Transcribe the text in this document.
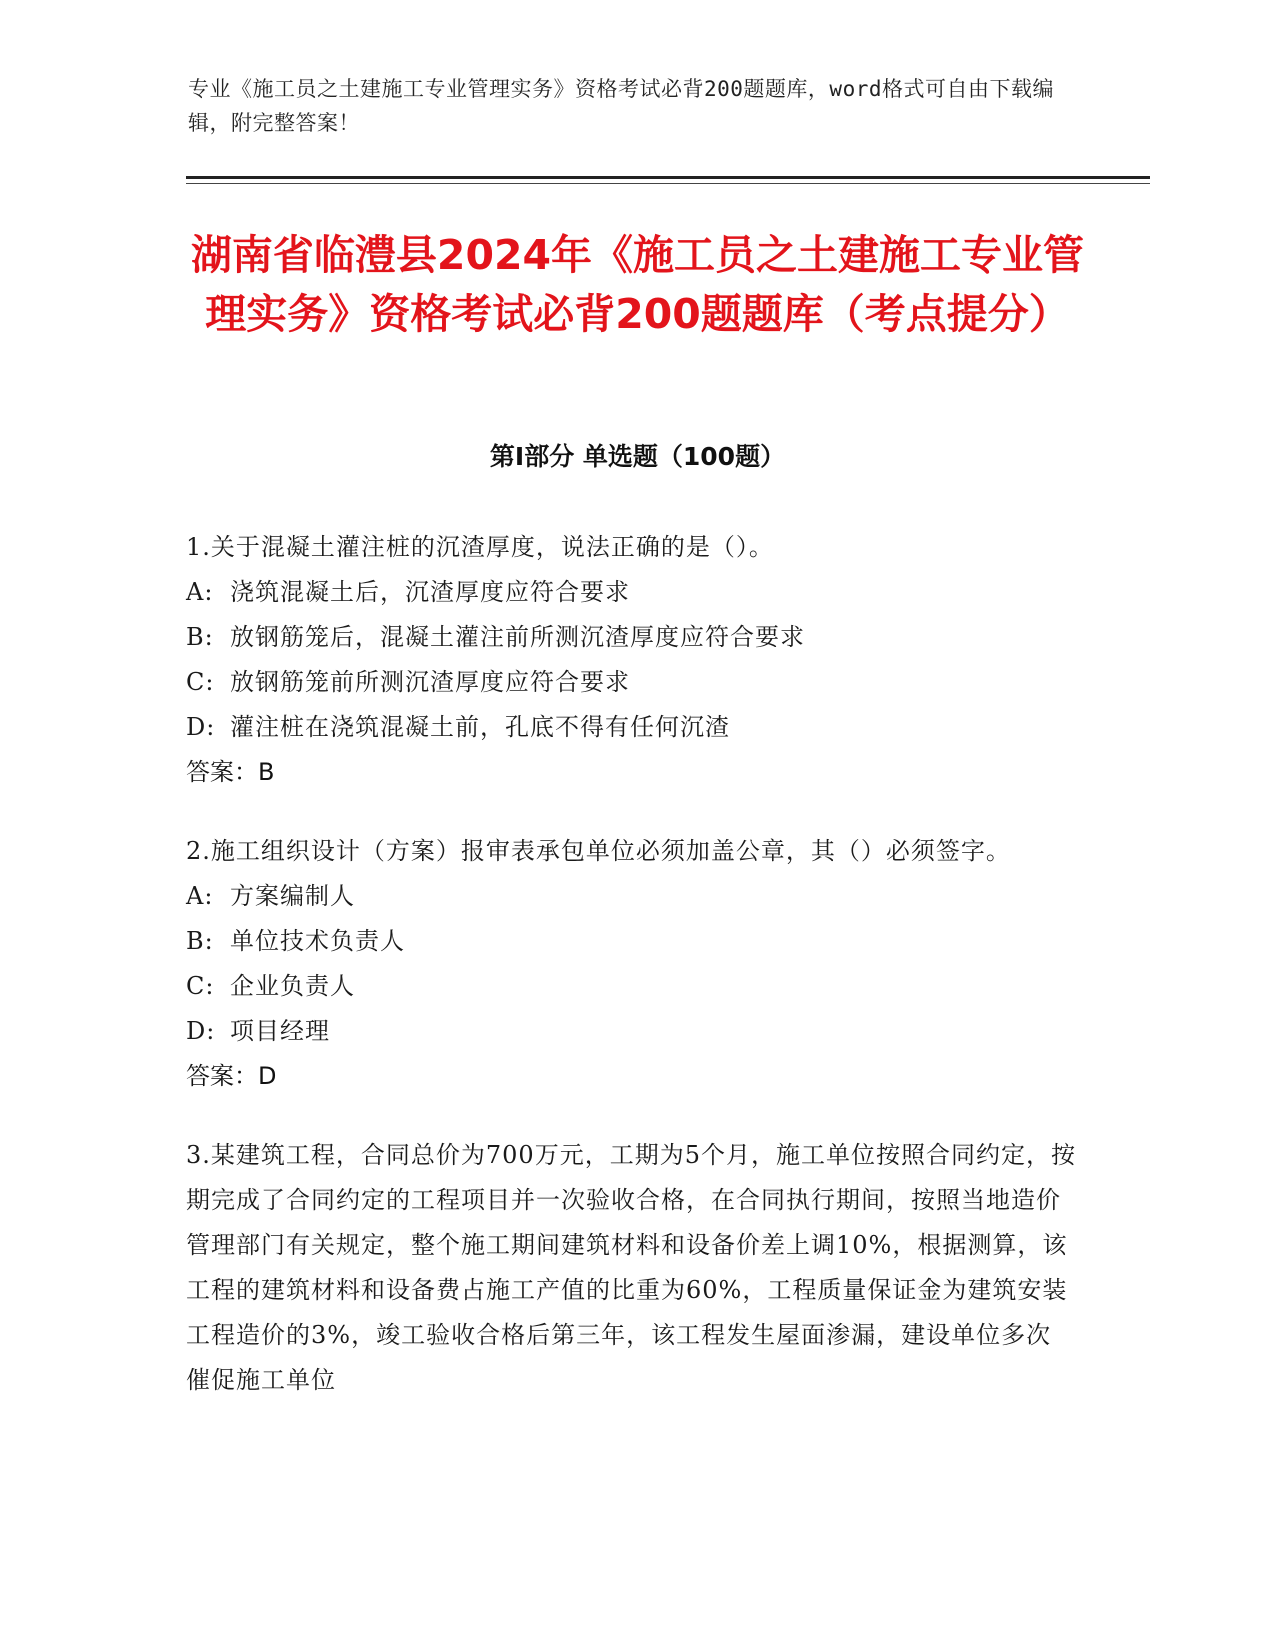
专业《施工员之土建施工专业管理实务》资格考试必背200题题库，word格式可自由下载编辑，附完整答案！
湖南省临澧县2024年《施工员之土建施工专业管理实务》资格考试必背200题题库（考点提分）
第I部分 单选题（100题）
1.关于混凝土灌注桩的沉渣厚度，说法正确的是（）。
A: 浇筑混凝土后，沉渣厚度应符合要求
B: 放钢筋笼后，混凝土灌注前所测沉渣厚度应符合要求
C: 放钢筋笼前所测沉渣厚度应符合要求
D: 灌注桩在浇筑混凝土前，孔底不得有任何沉渣
答案：B
2.施工组织设计（方案）报审表承包单位必须加盖公章，其（）必须签字。
A: 方案编制人
B: 单位技术负责人
C: 企业负责人
D: 项目经理
答案：D
3.某建筑工程，合同总价为700万元，工期为5个月，施工单位按照合同约定，按期完成了合同约定的工程项目并一次验收合格，在合同执行期间，按照当地造价管理部门有关规定，整个施工期间建筑材料和设备价差上调10%，根据测算，该工程的建筑材料和设备费占施工产值的比重为60%，工程质量保证金为建筑安装工程造价的3%，竣工验收合格后第三年，该工程发生屋面渗漏，建设单位多次催促施工单位
